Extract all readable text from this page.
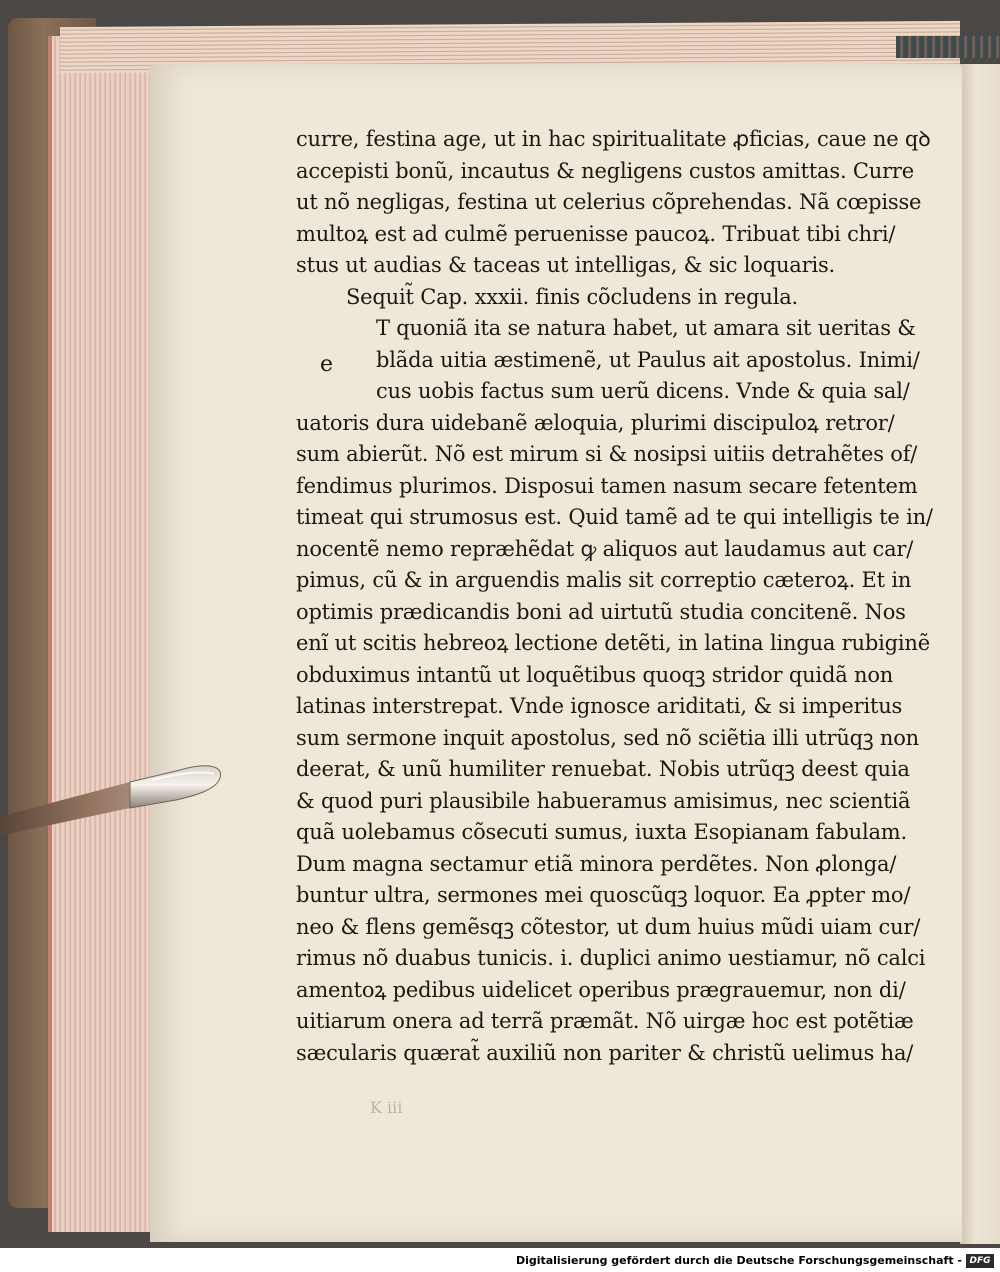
e
curre, festina age, ut in hac spiritualitate ꝓficias, caue ne qꝺ
accepisti bonũ, incautus & negligens custos amittas. Curre
ut nõ negligas, festina ut celerius cõprehendas. Nã cœpisse
multoꝝ est ad culmẽ peruenisse paucoꝝ. Tribuat tibi chri/
stus ut audias & taceas ut intelligas, & sic loquaris.
Sequit̃ Cap. xxxii. finis cõcludens in regula.
T quoniã ita se natura habet, ut amara sit ueritas &
blãda uitia æstimenẽ, ut Paulus ait apostolus. Inimi/
cus uobis factus sum uerũ dicens. Vnde & quia sal/
uatoris dura uidebanẽ æloquia, plurimi discipuloꝝ retror/
sum abierũt. Nõ est mirum si & nosipsi uitiis detrahẽtes of/
fendimus plurimos. Disposui tamen nasum secare fetentem
timeat qui strumosus est. Quid tamẽ ad te qui intelligis te in/
nocentẽ nemo repræhẽdat ꝙ aliquos aut laudamus aut car/
pimus, cũ & in arguendis malis sit correptio cæteroꝝ. Et in
optimis prædicandis boni ad uirtutũ studia concitenẽ. Nos
enĩ ut scitis hebreoꝝ lectione detẽti, in latina lingua rubiginẽ
obduximus intantũ ut loquẽtibus quoqꝫ stridor quidã non
latinas interstrepat. Vnde ignosce ariditati, & si imperitus
sum sermone inquit apostolus, sed nõ sciẽtia illi utrũqꝫ non
deerat, & unũ humiliter renuebat. Nobis utrũqꝫ deest quia
& quod puri plausibile habueramus amisimus, nec scientiã
quã uolebamus cõsecuti sumus, iuxta Esopianam fabulam.
Dum magna sectamur etiã minora perdẽtes. Non ꝓlonga/
buntur ultra, sermones mei quoscũqꝫ loquor. Ea ꝓpter mo/
neo & flens gemẽsqꝫ cõtestor, ut dum huius mũdi uiam cur/
rimus nõ duabus tunicis. i. duplici animo uestiamur, nõ calci
amentoꝝ pedibus uidelicet operibus prægrauemur, non di/
uitiarum onera ad terrã præmãt. Nõ uirgæ hoc est potẽtiæ
sæcularis quærat̃ auxiliũ non pariter & christũ uelimus ha/
K iii
Digitalisierung gefördert durch die Deutsche Forschungsgemeinschaft - DFG
